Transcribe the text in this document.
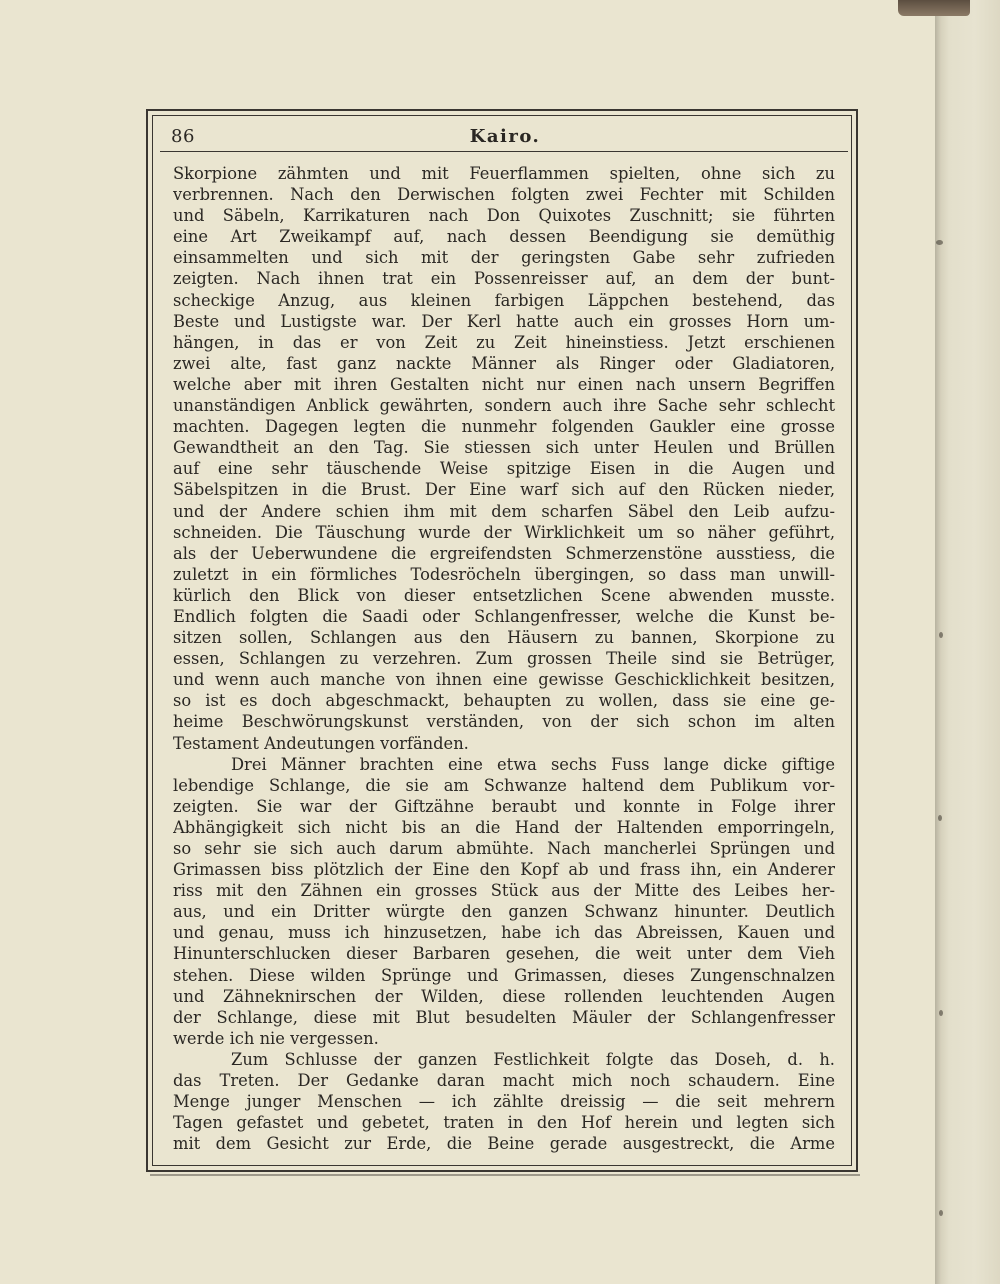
86	Kairo.
Skorpione zähmten und mit Feuerflammen spielten, ohne sich zu
verbrennen. Nach den Derwischen folgten zwei Fechter mit Schilden
und Säbeln, Karrikaturen nach Don Quixotes Zuschnitt; sie führten
eine Art Zweikampf auf, nach dessen Beendigung sie demüthig
einsammelten und sich mit der geringsten Gabe sehr zufrieden
zeigten. Nach ihnen trat ein Possenreisser auf, an dem der bunt-
scheckige Anzug, aus kleinen farbigen Läppchen bestehend, das
Beste und Lustigste war. Der Kerl hatte auch ein grosses Horn um-
hängen, in das er von Zeit zu Zeit hineinstiess. Jetzt erschienen
zwei alte, fast ganz nackte Männer als Ringer oder Gladiatoren,
welche aber mit ihren Gestalten nicht nur einen nach unsern Begriffen
unanständigen Anblick gewährten, sondern auch ihre Sache sehr schlecht
machten. Dagegen legten die nunmehr folgenden Gaukler eine grosse
Gewandtheit an den Tag. Sie stiessen sich unter Heulen und Brüllen
auf eine sehr täuschende Weise spitzige Eisen in die Augen und
Säbelspitzen in die Brust. Der Eine warf sich auf den Rücken nieder,
und der Andere schien ihm mit dem scharfen Säbel den Leib aufzu-
schneiden. Die Täuschung wurde der Wirklichkeit um so näher geführt,
als der Ueberwundene die ergreifendsten Schmerzenstöne ausstiess, die
zuletzt in ein förmliches Todesröcheln übergingen, so dass man unwill-
kürlich den Blick von dieser entsetzlichen Scene abwenden musste.
Endlich folgten die Saadi oder Schlangenfresser, welche die Kunst be-
sitzen sollen, Schlangen aus den Häusern zu bannen, Skorpione zu
essen, Schlangen zu verzehren. Zum grossen Theile sind sie Betrüger,
und wenn auch manche von ihnen eine gewisse Geschicklichkeit besitzen,
so ist es doch abgeschmackt, behaupten zu wollen, dass sie eine ge-
heime Beschwörungskunst verständen, von der sich schon im alten
Testament Andeutungen vorfänden.
Drei Männer brachten eine etwa sechs Fuss lange dicke giftige
lebendige Schlange, die sie am Schwanze haltend dem Publikum vor-
zeigten. Sie war der Giftzähne beraubt und konnte in Folge ihrer
Abhängigkeit sich nicht bis an die Hand der Haltenden emporringeln,
so sehr sie sich auch darum abmühte. Nach mancherlei Sprüngen und
Grimassen biss plötzlich der Eine den Kopf ab und frass ihn, ein Anderer
riss mit den Zähnen ein grosses Stück aus der Mitte des Leibes her-
aus, und ein Dritter würgte den ganzen Schwanz hinunter. Deutlich
und genau, muss ich hinzusetzen, habe ich das Abreissen, Kauen und
Hinunterschlucken dieser Barbaren gesehen, die weit unter dem Vieh
stehen. Diese wilden Sprünge und Grimassen, dieses Zungenschnalzen
und Zähneknirschen der Wilden, diese rollenden leuchtenden Augen
der Schlange, diese mit Blut besudelten Mäuler der Schlangenfresser
werde ich nie vergessen.
Zum Schlusse der ganzen Festlichkeit folgte das Doseh, d. h.
das Treten. Der Gedanke daran macht mich noch schaudern. Eine
Menge junger Menschen — ich zählte dreissig — die seit mehrern
Tagen gefastet und gebetet, traten in den Hof herein und legten sich
mit dem Gesicht zur Erde, die Beine gerade ausgestreckt, die Arme
